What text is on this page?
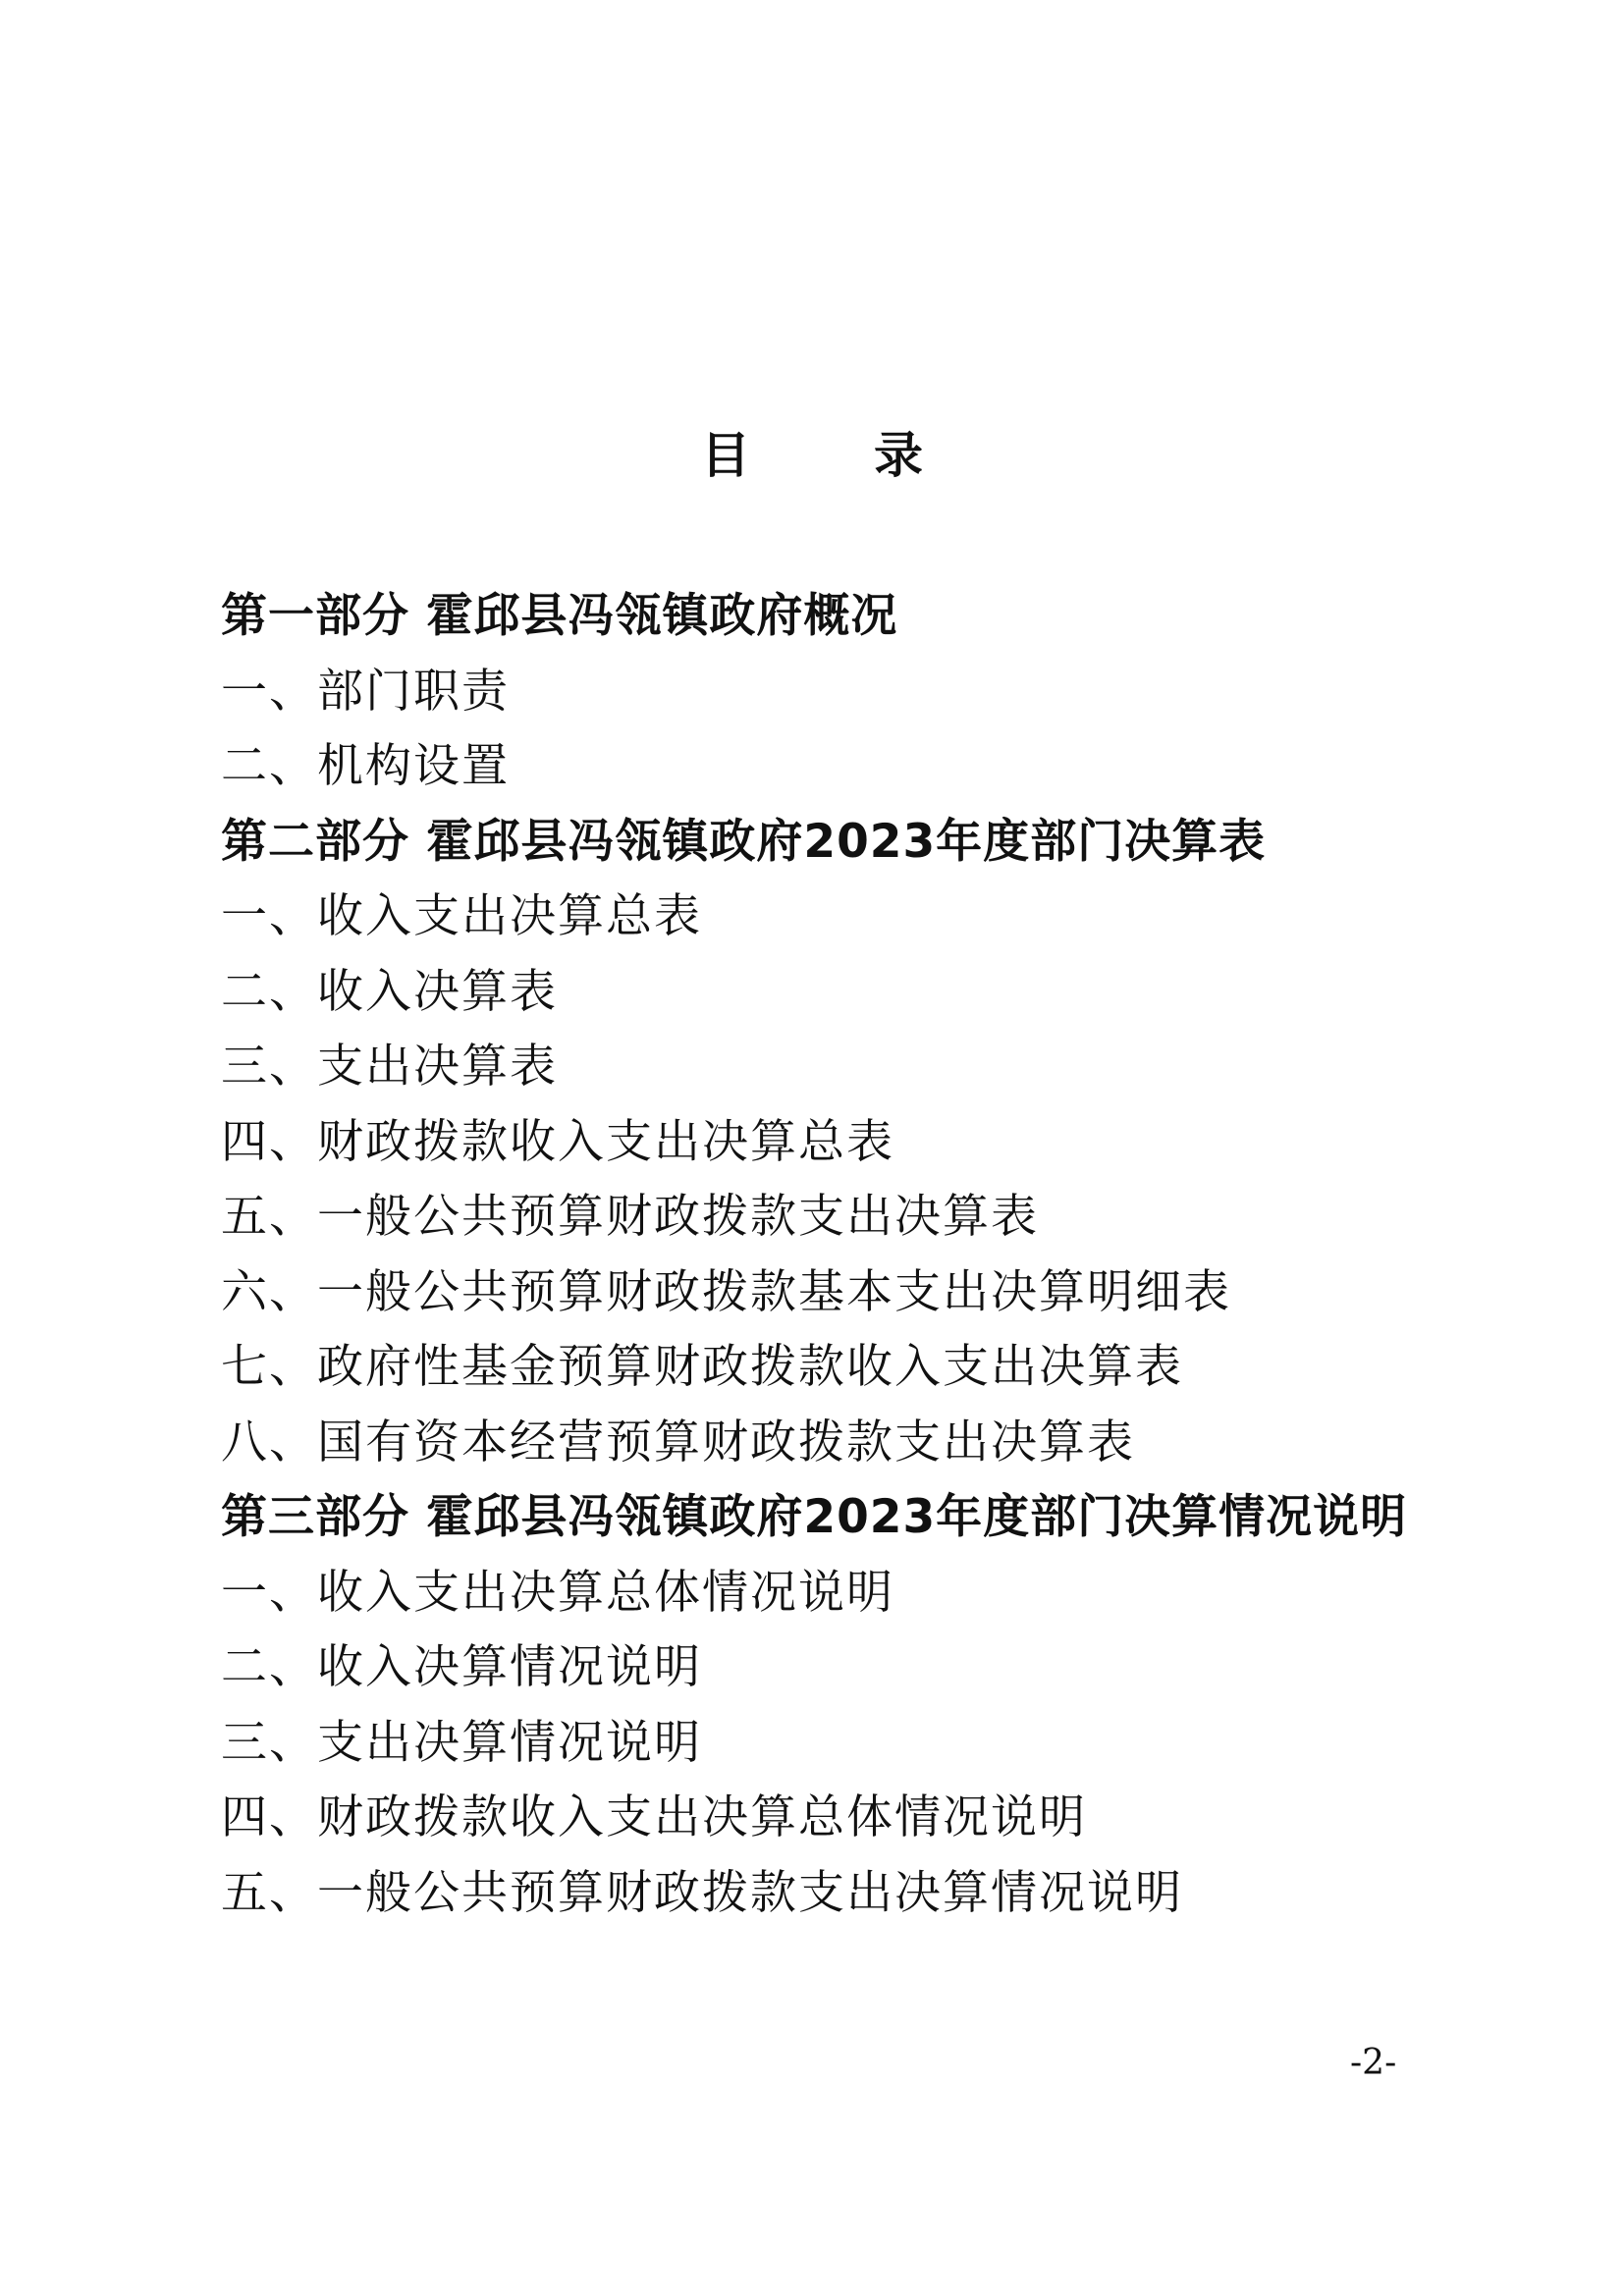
目　录
第一部分 霍邱县冯瓴镇政府概况
一、部门职责
二、机构设置
第二部分 霍邱县冯瓴镇政府2023年度部门决算表
一、收入支出决算总表
二、收入决算表
三、支出决算表
四、财政拨款收入支出决算总表
五、一般公共预算财政拨款支出决算表
六、一般公共预算财政拨款基本支出决算明细表
七、政府性基金预算财政拨款收入支出决算表
八、国有资本经营预算财政拨款支出决算表
第三部分 霍邱县冯瓴镇政府2023年度部门决算情况说明
一、收入支出决算总体情况说明
二、收入决算情况说明
三、支出决算情况说明
四、财政拨款收入支出决算总体情况说明
五、一般公共预算财政拨款支出决算情况说明
-2-
